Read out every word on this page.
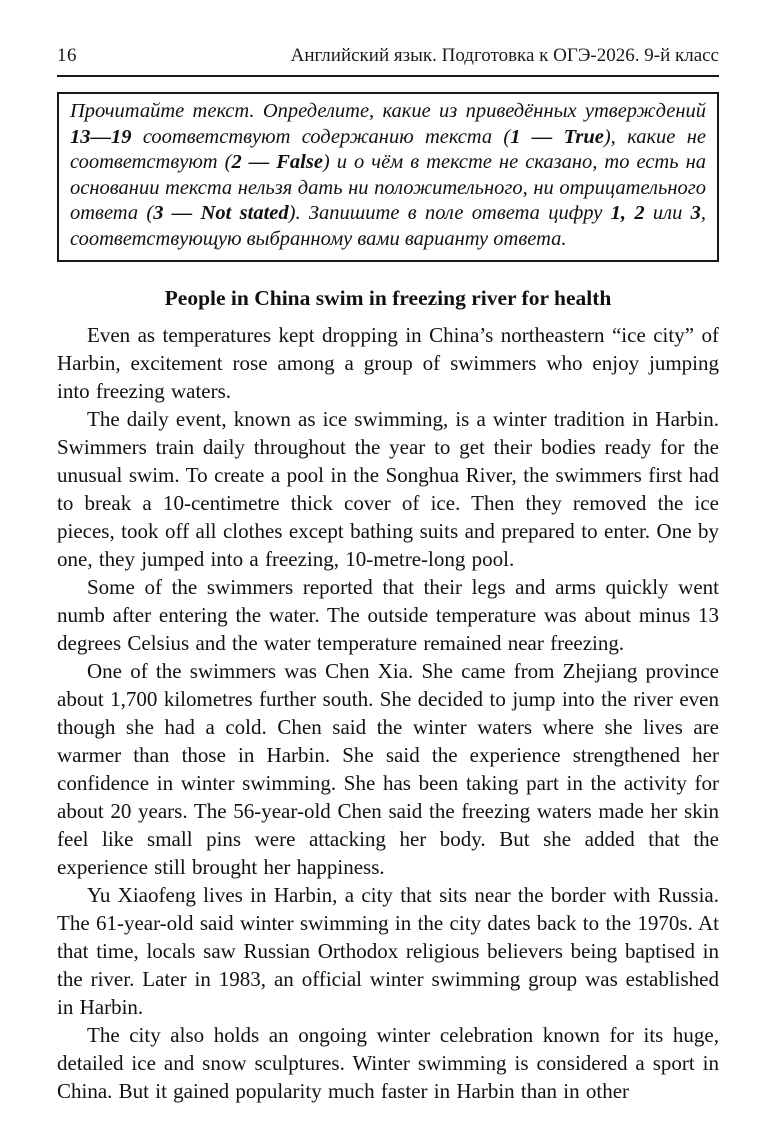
16	Английский язык. Подготовка к ОГЭ-2026. 9-й класс

Прочитайте текст. Определите, какие из приведённых утверждений 13—19 соответствуют содержанию текста (1 — True), какие не соответствуют (2 — False) и о чём в тексте не сказано, то есть на основании текста нельзя дать ни положительного, ни отрицательного ответа (3 — Not stated). Запишите в поле ответа цифру 1, 2 или 3, соответствующую выбранному вами варианту ответа.

People in China swim in freezing river for health

Even as temperatures kept dropping in China’s northeastern “ice city” of Harbin, excitement rose among a group of swimmers who enjoy jumping into freezing waters.

The daily event, known as ice swimming, is a winter tradition in Harbin. Swimmers train daily throughout the year to get their bodies ready for the unusual swim. To create a pool in the Songhua River, the swimmers first had to break a 10-centimetre thick cover of ice. Then they removed the ice pieces, took off all clothes except bathing suits and prepared to enter. One by one, they jumped into a freezing, 10-metre-long pool.

Some of the swimmers reported that their legs and arms quickly went numb after entering the water. The outside temperature was about minus 13 degrees Celsius and the water temperature remained near freezing.

One of the swimmers was Chen Xia. She came from Zhejiang province about 1,700 kilometres further south. She decided to jump into the river even though she had a cold. Chen said the winter waters where she lives are warmer than those in Harbin. She said the experience strengthened her confidence in winter swimming. She has been taking part in the activity for about 20 years. The 56-year-old Chen said the freezing waters made her skin feel like small pins were attacking her body. But she added that the experience still brought her happiness.

Yu Xiaofeng lives in Harbin, a city that sits near the border with Russia. The 61-year-old said winter swimming in the city dates back to the 1970s. At that time, locals saw Russian Orthodox religious believers being baptised in the river. Later in 1983, an official winter swimming group was established in Harbin.

The city also holds an ongoing winter celebration known for its huge, detailed ice and snow sculptures. Winter swimming is considered a sport in China. But it gained popularity much faster in Harbin than in other
